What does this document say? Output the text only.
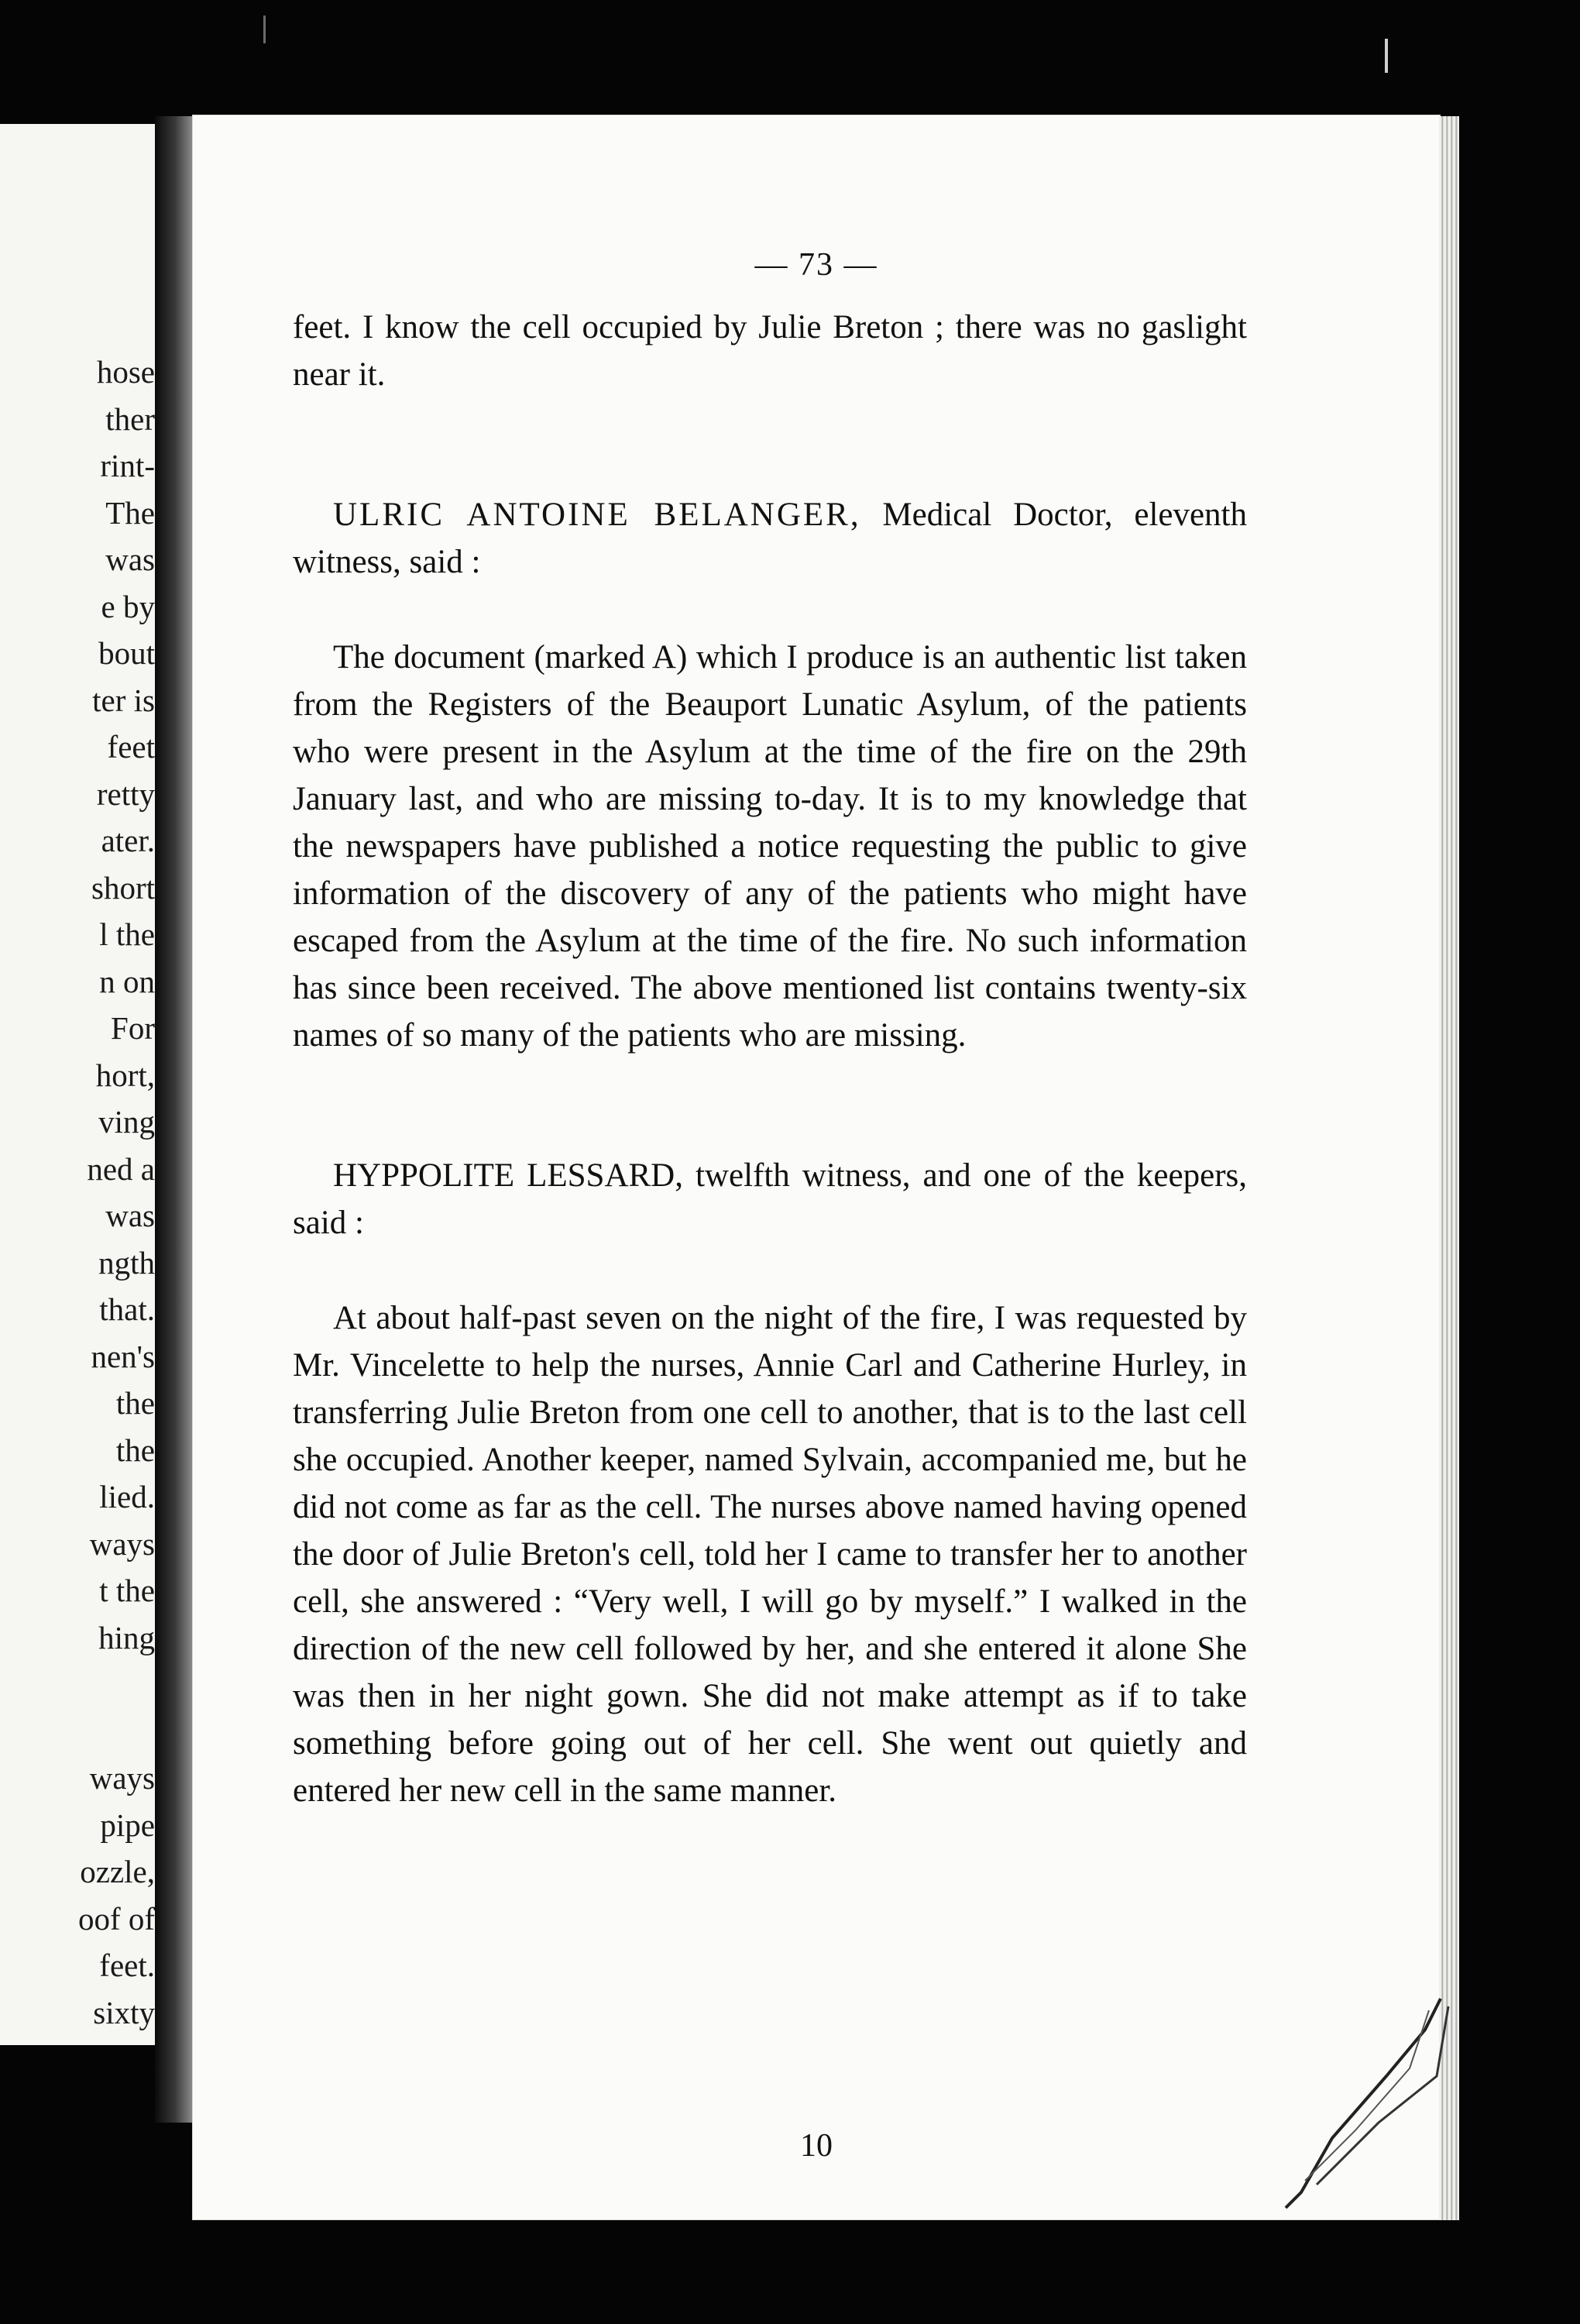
hose
ther
rint-
The
was
e by
bout
ter is
feet
retty
ater.
short
l the
n on
For
hort,
ving
ned a
was
ngth
that.
nen's
the
the
lied.
ways
t the
hing
ways
pipe
ozzle,
oof of
feet.
sixty
— 73 —

feet. I know the cell occupied by Julie Breton ; there was no gaslight near it.

ULRIC ANTOINE BELANGER, Medical Doctor, eleventh witness, said :

The document (marked A) which I produce is an authentic list taken from the Registers of the Beauport Lunatic Asylum, of the patients who were present in the Asylum at the time of the fire on the 29th January last, and who are missing to-day. It is to my knowledge that the newspapers have published a notice requesting the public to give information of the discovery of any of the patients who might have escaped from the Asylum at the time of the fire. No such information has since been received. The above mentioned list contains twenty-six names of so many of the patients who are missing.

HYPPOLITE LESSARD, twelfth witness, and one of the keepers, said :

At about half-past seven on the night of the fire, I was requested by Mr. Vincelette to help the nurses, Annie Carl and Catherine Hurley, in transferring Julie Breton from one cell to another, that is to the last cell she occupied. Another keeper, named Sylvain, accompanied me, but he did not come as far as the cell. The nurses above named having opened the door of Julie Breton's cell, told her I came to transfer her to another cell, she answered : “Very well, I will go by myself.” I walked in the direction of the new cell followed by her, and she entered it alone She was then in her night gown. She did not make attempt as if to take something before going out of her cell. She went out quietly and entered her new cell in the same manner.

10
